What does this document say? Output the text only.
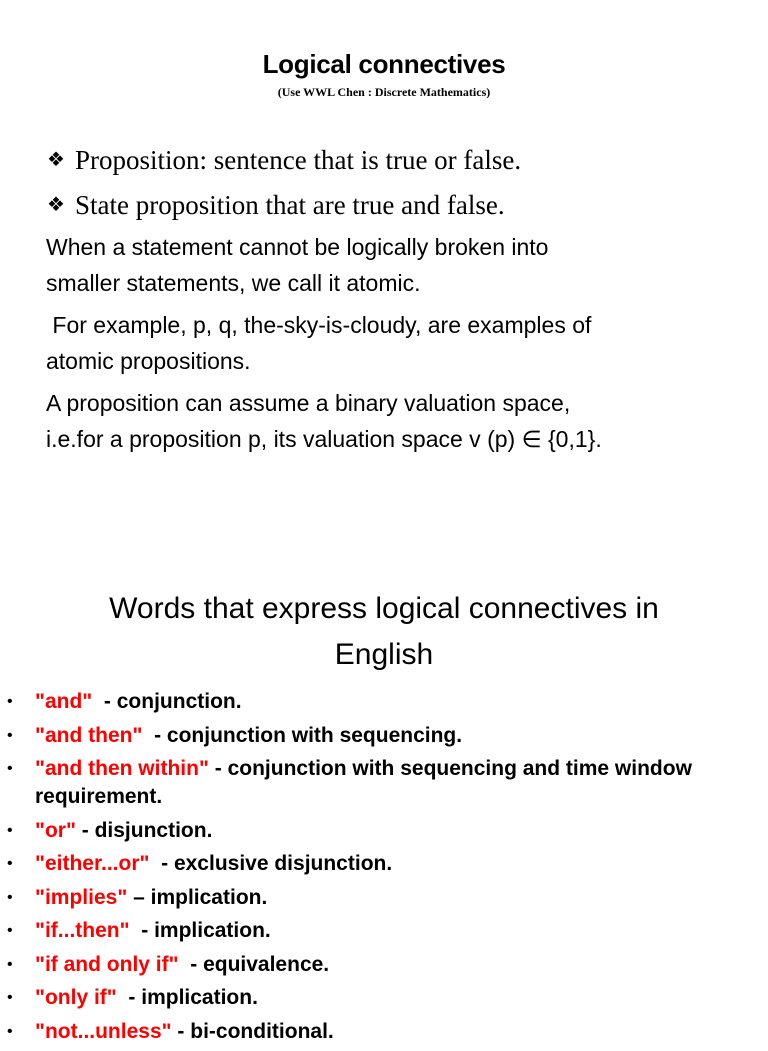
Logical connectives
(Use WWL Chen : Discrete Mathematics)
❖ Proposition: sentence that is true or false.
❖ State proposition that are true and false.
When a statement cannot be logically broken into
smaller statements, we call it atomic.
For example, p, q, the-sky-is-cloudy, are examples of
atomic propositions.
A proposition can assume a binary valuation space,
i.e.for a proposition p, its valuation space v (p) ∈ {0,1}.
Words that express logical connectives in
English
• "and"  - conjunction.
• "and then"  - conjunction with sequencing.
• "and then within" - conjunction with sequencing and time window requirement.
• "or" - disjunction.
• "either...or"  - exclusive disjunction.
• "implies" – implication.
• "if...then"  - implication.
• "if and only if"  - equivalence.
• "only if"  - implication.
• "not...unless" - bi-conditional.
